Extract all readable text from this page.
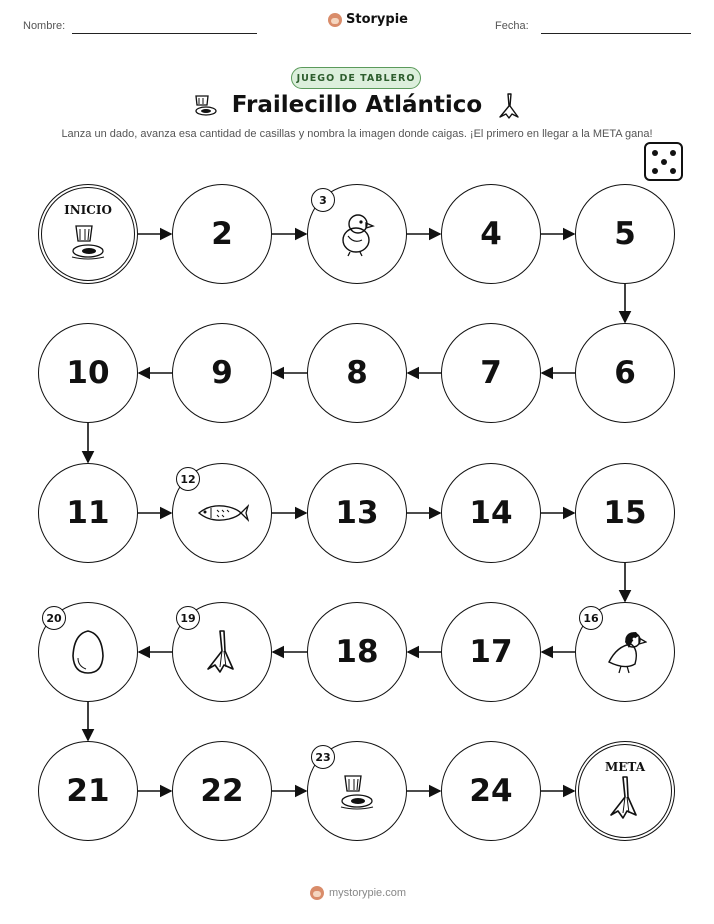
Nombre:	Storypie	Fecha:
JUEGO DE TABLERO
Frailecillo Atlántico
Lanza un dado, avanza esa cantidad de casillas y nombra la imagen donde caigas. ¡El primero en llegar a la META gana!
INICIO
2
3
4	5
6
7
8
9
10
11
12
13	14	15
16
17
18
19
20
21	22
23
24
META
mystorypie.com
